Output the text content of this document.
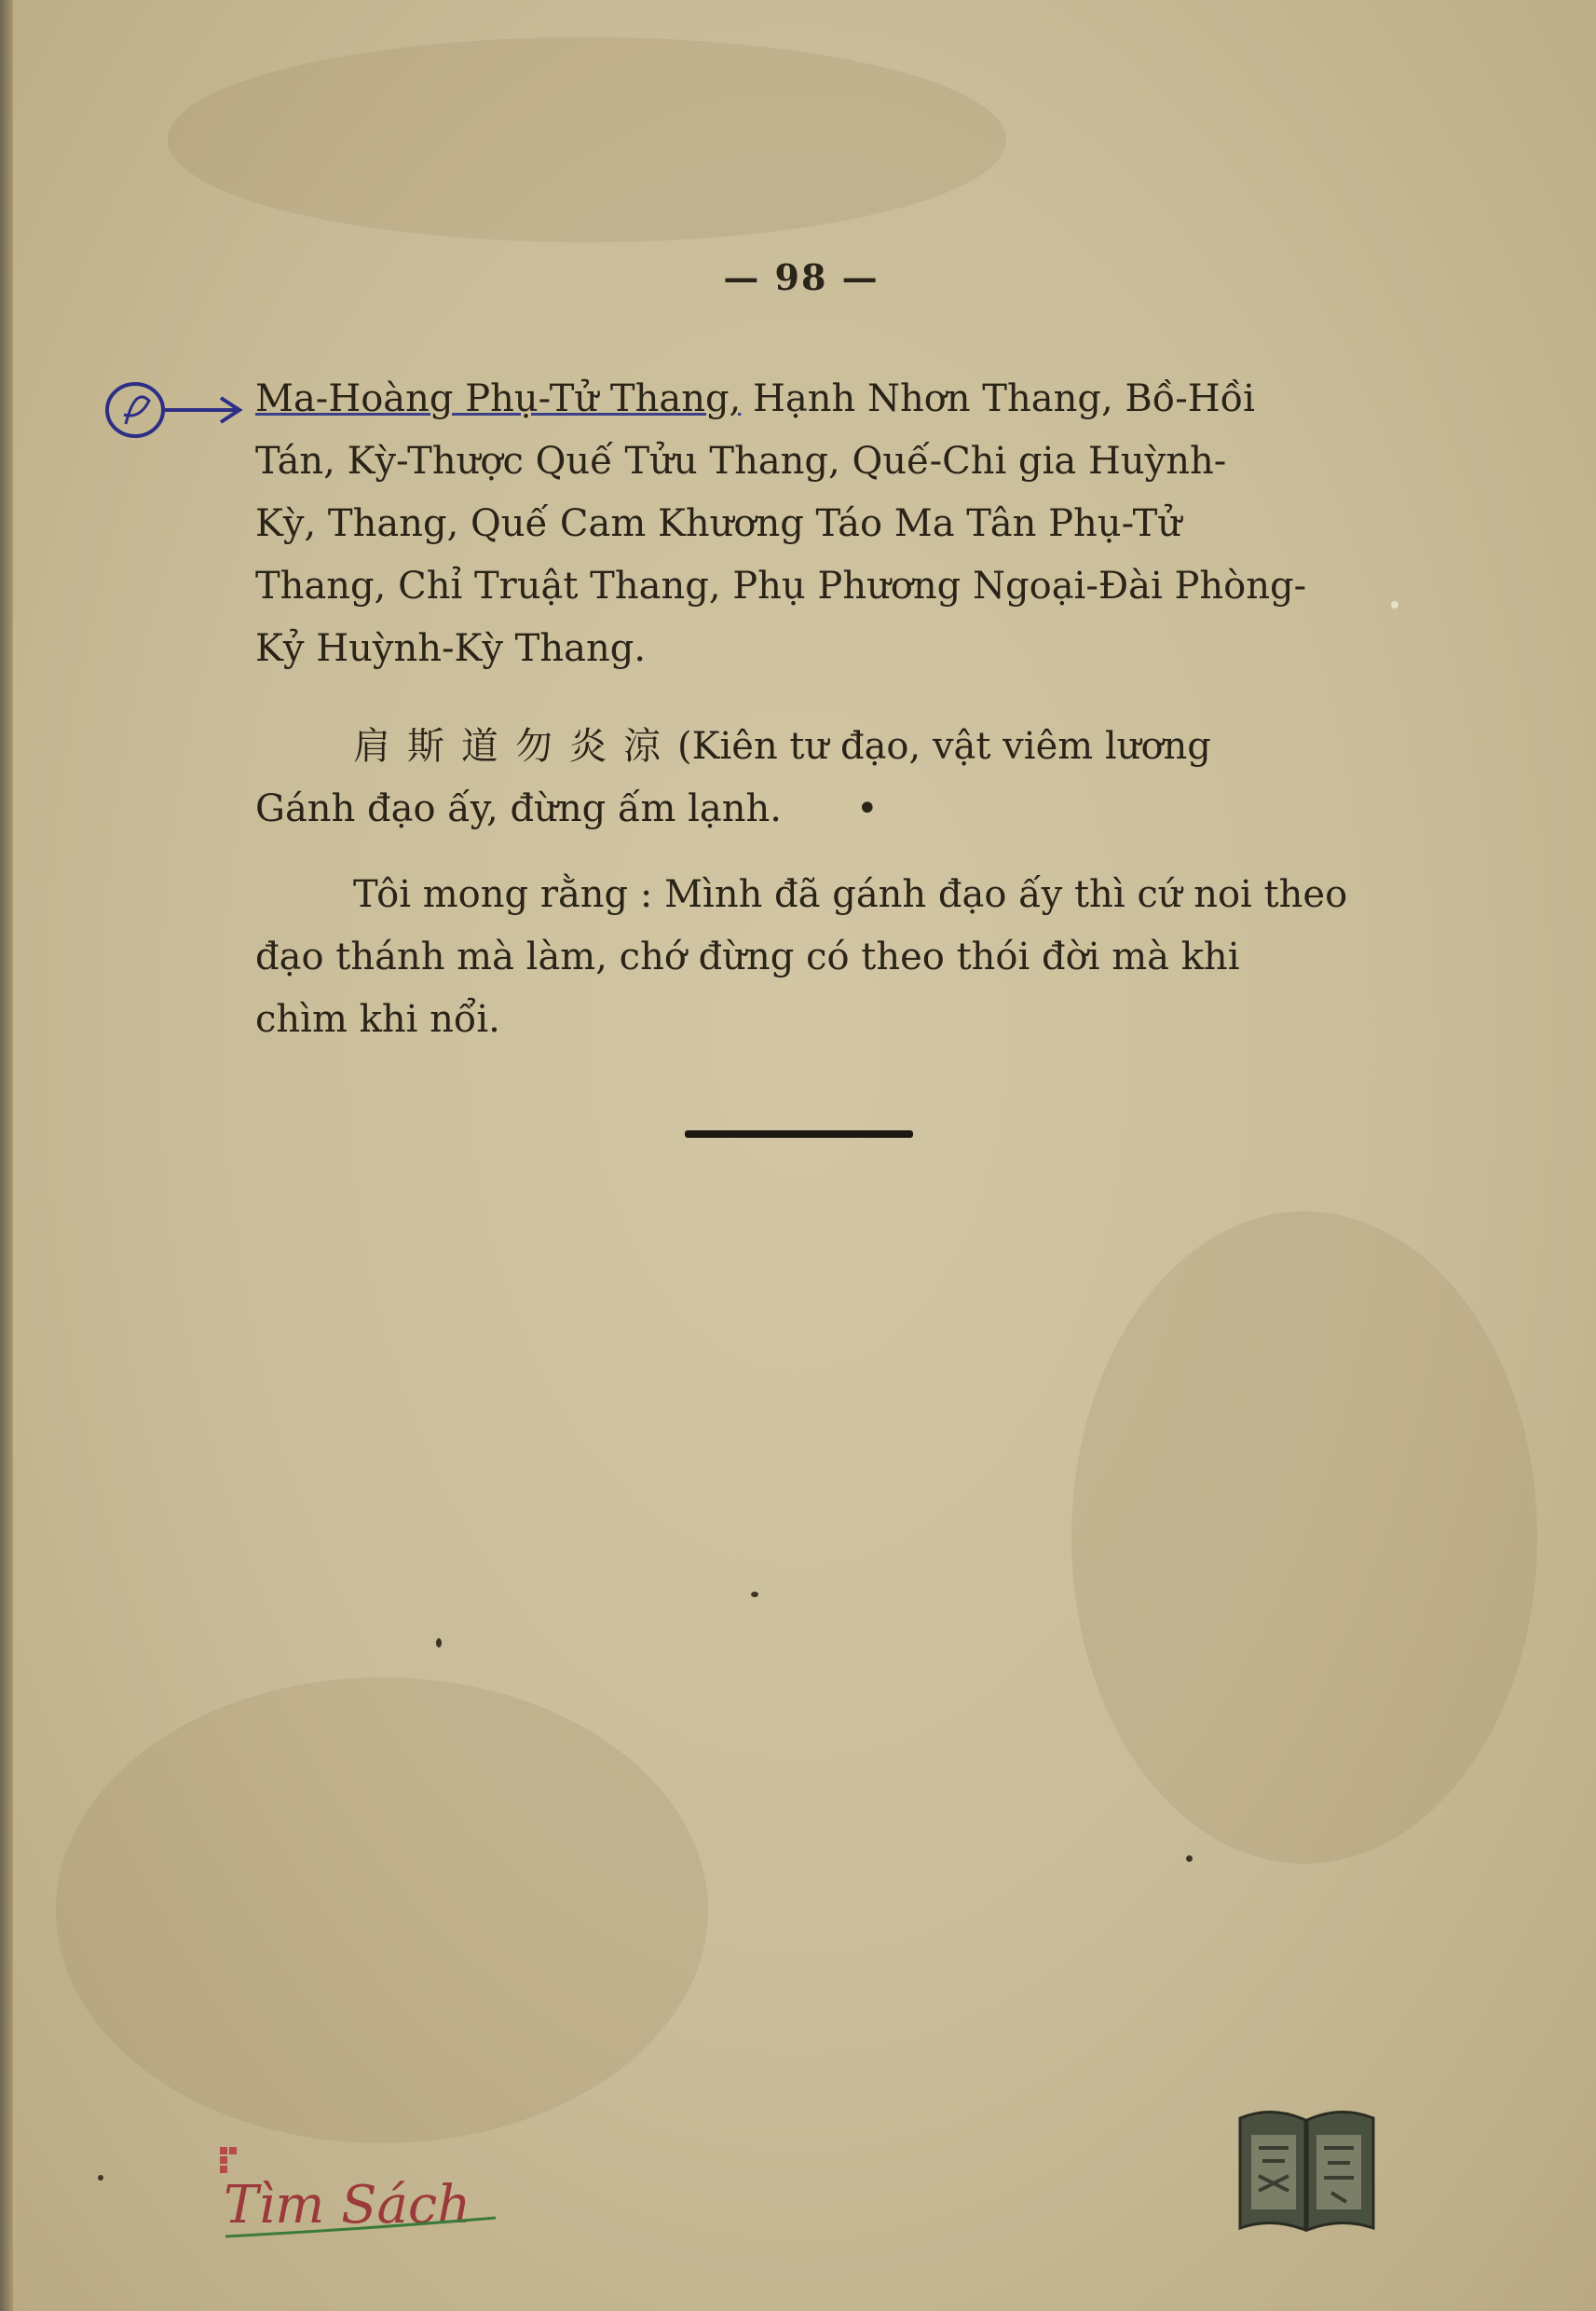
— 98 —
Ma-Hoàng Phụ-Tử Thang, Hạnh Nhơn Thang, Bồ-Hồi
Tán, Kỳ-Thược Quế Tửu Thang, Quế-Chi gia Huỳnh-
Kỳ, Thang, Quế Cam Khương Táo Ma Tân Phụ-Tử
Thang, Chỉ Truật Thang, Phụ Phương Ngoại-Đài Phòng-
Kỷ Huỳnh-Kỳ Thang.
肩斯道勿炎涼(Kiên tư đạo, vật viêm lương
Gánh đạo ấy, đừng ấm lạnh. •
Tôi mong rằng : Mình đã gánh đạo ấy thì cứ noi theo
đạo thánh mà làm, chớ đừng có theo thói đời mà khi
chìm khi nổi.
Tìm Sách
